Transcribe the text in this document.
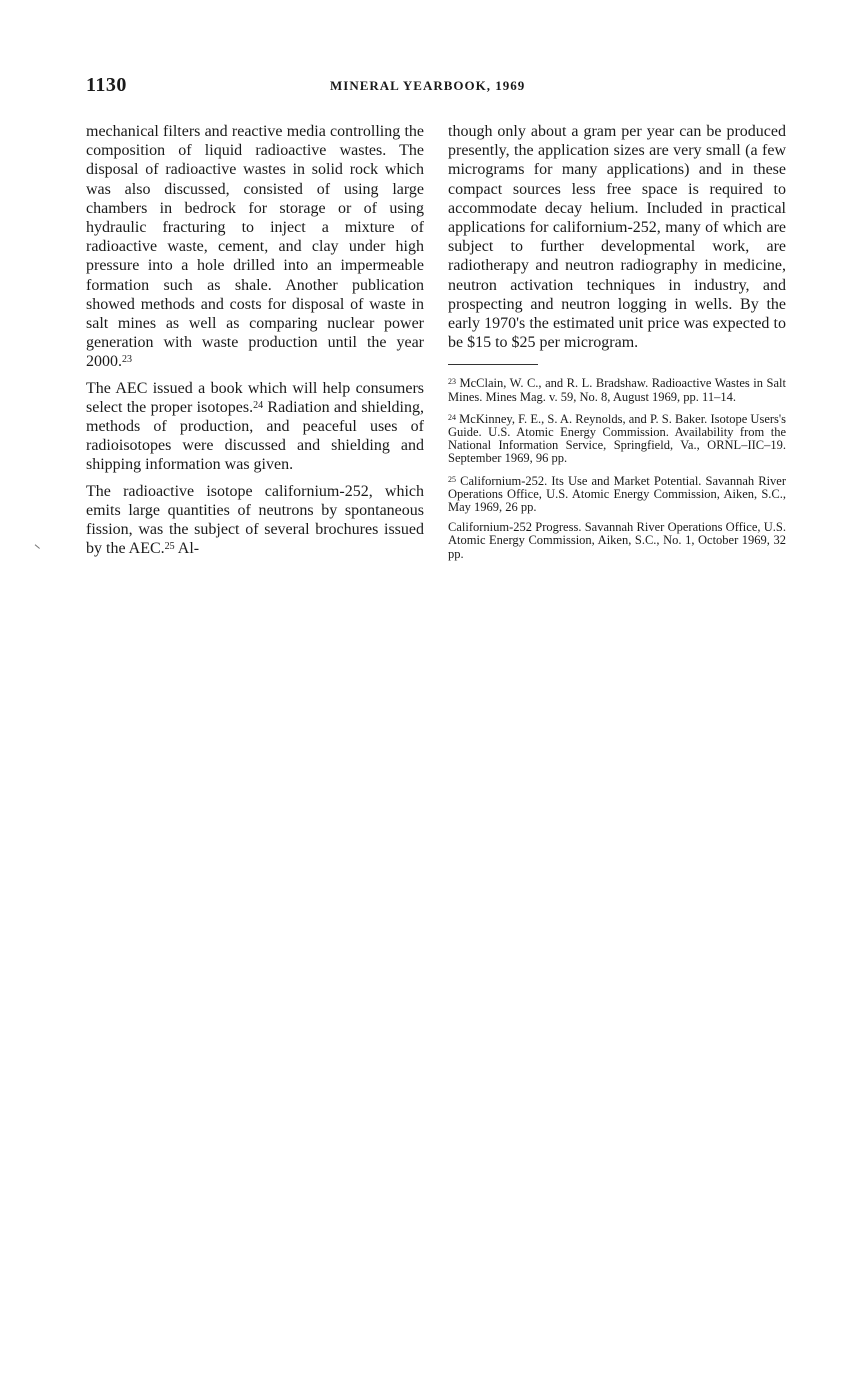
1130	MINERAL YEARBOOK, 1969

mechanical filters and reactive media controlling the composition of liquid radioactive wastes. The disposal of radioactive wastes in solid rock which was also discussed, consisted of using large chambers in bedrock for storage or of using hydraulic fracturing to inject a mixture of radioactive waste, cement, and clay under high pressure into a hole drilled into an impermeable formation such as shale. Another publication showed methods and costs for disposal of waste in salt mines as well as comparing nuclear power generation with waste production until the year 2000.23

The AEC issued a book which will help consumers select the proper isotopes.$^{24}$ Radiation and shielding, methods of production, and peaceful uses of radioisotopes were discussed and shielding and shipping information was given.

The radioactive isotope californium-252, which emits large quantities of neutrons by spontaneous fission, was the subject of several brochures issued by the AEC.$^{25}$ Al-

though only about a gram per year can be produced presently, the application sizes are very small (a few micrograms for many applications) and in these compact sources less free space is required to accommodate decay helium. Included in practical applications for californium-252, many of which are subject to further developmental work, are radiotherapy and neutron radiography in medicine, neutron activation techniques in industry, and prospecting and neutron logging in wells. By the early 1970's the estimated unit price was expected to be $15 to $25 per microgram.

$^{23}$ McClain, W. C., and R. L. Bradshaw. Radioactive Wastes in Salt Mines. Mines Mag. v. 59, No. 8, August 1969, pp. 11–14.

$^{24}$ McKinney, F. E., S. A. Reynolds, and P. S. Baker. Isotope Users's Guide. U.S. Atomic Energy Commission. Availability from the National Information Service, Springfield, Va., ORNL–IIC–19. September 1969, 96 pp.

$^{25}$ Californium-252. Its Use and Market Potential. Savannah River Operations Office, U.S. Atomic Energy Commission, Aiken, S.C., May 1969, 26 pp.

Californium-252 Progress. Savannah River Operations Office, U.S. Atomic Energy Commission, Aiken, S.C., No. 1, October 1969, 32 pp.
